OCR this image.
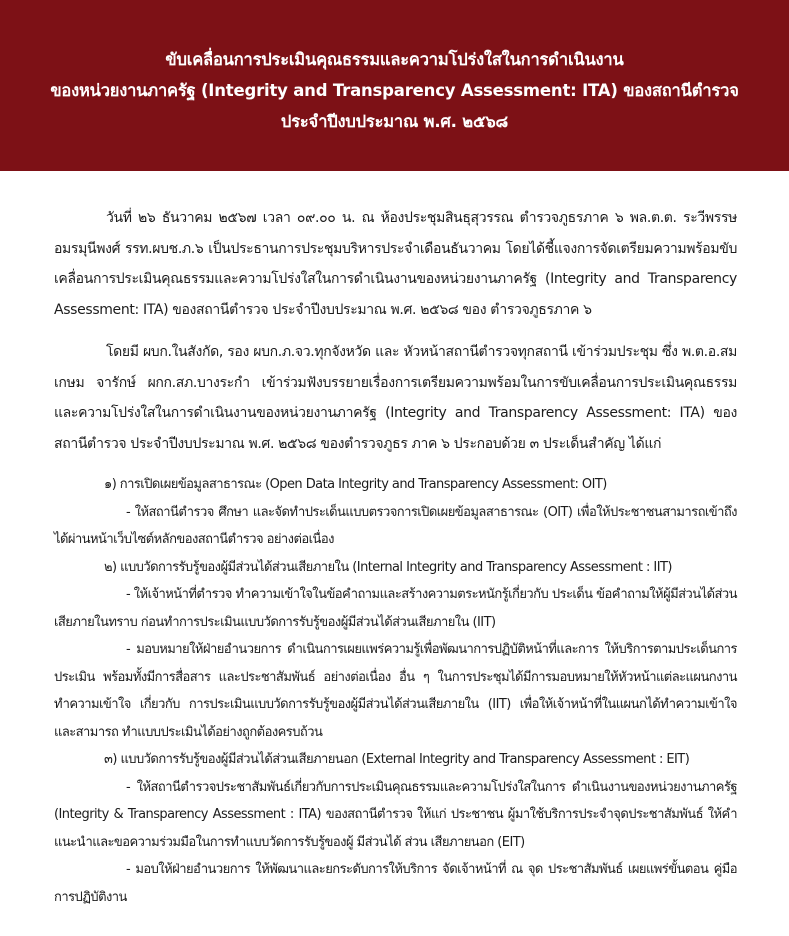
ขับเคลื่อนการประเมินคุณธรรมและความโปร่งใสในการดำเนินงาน
ของหน่วยงานภาครัฐ (Integrity and Transparency Assessment: ITA) ของสถานีตำรวจ
ประจำปีงบประมาณ พ.ศ. ๒๕๖๘

วันที่ ๒๖ ธันวาคม ๒๕๖๗ เวลา ๐๙.๐๐ น. ณ ห้องประชุมสินธุสุวรรณ ตำรวจภูธรภาค ๖ พล.ต.ต. ระวีพรรษ อมรมุนีพงศ์ รรท.ผบช.ภ.๖ เป็นประธานการประชุมบริหารประจำเดือนธันวาคม โดยได้ชี้แจงการจัดเตรียมความพร้อมขับเคลื่อนการประเมินคุณธรรมและความโปร่งใสในการดำเนินงานของหน่วยงานภาครัฐ (Integrity and Transparency Assessment: ITA) ของสถานีตำรวจ ประจำปีงบประมาณ พ.ศ. ๒๕๖๘ ของ ตำรวจภูธรภาค ๖

โดยมี ผบก.ในสังกัด, รอง ผบก.ภ.จว.ทุกจังหวัด และ หัวหน้าสถานีตำรวจทุกสถานี เข้าร่วมประชุม ซึ่ง พ.ต.อ.สมเกษม จารักษ์ ผกก.สภ.บางระกำ เข้าร่วมฟังบรรยายเรื่องการเตรียมความพร้อมในการขับเคลื่อนการประเมินคุณธรรมและความโปร่งใสในการดำเนินงานของหน่วยงานภาครัฐ (Integrity and Transparency Assessment: ITA) ของสถานีตำรวจ ประจำปีงบประมาณ พ.ศ. ๒๕๖๘ ของตำรวจภูธร ภาค ๖ ประกอบด้วย ๓ ประเด็นสำคัญ ได้แก่

๑) การเปิดเผยข้อมูลสาธารณะ (Open Data Integrity and Transparency Assessment: OIT)

- ให้สถานีตำรวจ ศึกษา และจัดทำประเด็นแบบตรวจการเปิดเผยข้อมูลสาธารณะ (OIT) เพื่อให้ประชาชนสามารถเข้าถึงได้ผ่านหน้าเว็บไซต์หลักของสถานีตำรวจ อย่างต่อเนื่อง

๒) แบบวัดการรับรู้ของผู้มีส่วนได้ส่วนเสียภายใน (Internal Integrity and Transparency Assessment : IIT)

- ให้เจ้าหน้าที่ตำรวจ ทำความเข้าใจในข้อคำถามและสร้างความตระหนักรู้เกี่ยวกับ ประเด็น ข้อคำถามให้ผู้มีส่วนได้ส่วนเสียภายในทราบ ก่อนทำการประเมินแบบวัดการรับรู้ของผู้มีส่วนได้ส่วนเสียภายใน (IIT)

- มอบหมายให้ฝ่ายอำนวยการ ดำเนินการเผยแพร่ความรู้เพื่อพัฒนาการปฏิบัติหน้าที่และการ ให้บริการตามประเด็นการประเมิน พร้อมทั้งมีการสื่อสาร และประชาสัมพันธ์ อย่างต่อเนื่อง อื่น ๆ ในการประชุมได้มีการมอบหมายให้หัวหน้าแต่ละแผนกงาน ทำความเข้าใจ เกี่ยวกับ การประเมินแบบวัดการรับรู้ของผู้มีส่วนได้ส่วนเสียภายใน (IIT) เพื่อให้เจ้าหน้าที่ในแผนกได้ทำความเข้าใจ และสามารถ ทำแบบประเมินได้อย่างถูกต้องครบถ้วน

๓) แบบวัดการรับรู้ของผู้มีส่วนได้ส่วนเสียภายนอก (External Integrity and Transparency Assessment : EIT)

- ให้สถานีตำรวจประชาสัมพันธ์เกี่ยวกับการประเมินคุณธรรมและความโปร่งใสในการ ดำเนินงานของหน่วยงานภาครัฐ (Integrity & Transparency Assessment : ITA) ของสถานีตำรวจ ให้แก่ ประชาชน ผู้มาใช้บริการประจำจุดประชาสัมพันธ์ ให้คำแนะนำและขอความร่วมมือในการทำแบบวัดการรับรู้ของผู้ มีส่วนได้ ส่วน เสียภายนอก (EIT)

- มอบให้ฝ่ายอำนวยการ ให้พัฒนาและยกระดับการให้บริการ จัดเจ้าหน้าที่ ณ จุด ประชาสัมพันธ์ เผยแพร่ขั้นตอน คู่มือการปฏิบัติงาน
